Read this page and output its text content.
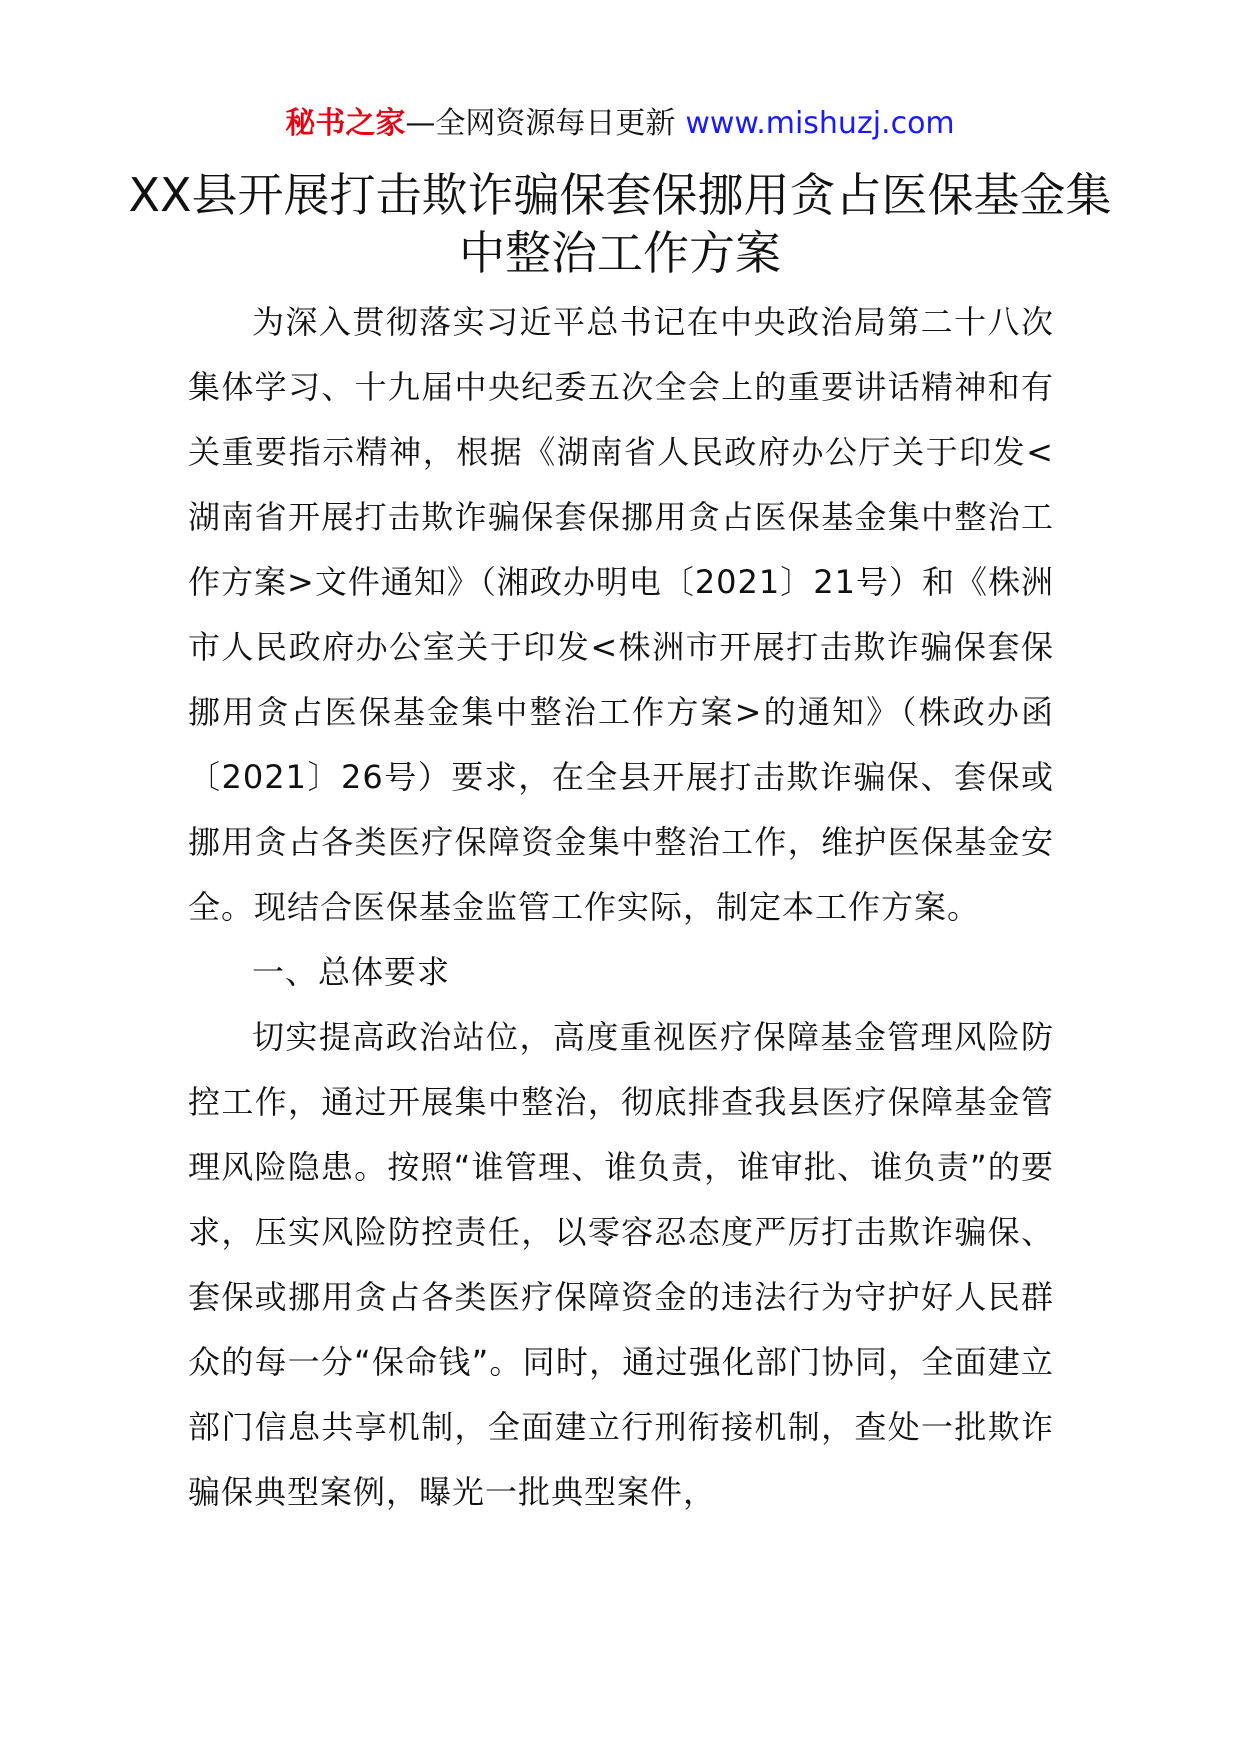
秘书之家—全网资源每日更新 www.mishuzj.com
XX县开展打击欺诈骗保套保挪用贪占医保基金集中整治工作方案

为深入贯彻落实习近平总书记在中央政治局第二十八次集体学习、十九届中央纪委五次全会上的重要讲话精神和有关重要指示精神，根据《湖南省人民政府办公厅关于印发<湖南省开展打击欺诈骗保套保挪用贪占医保基金集中整治工作方案>文件通知》（湘政办明电〔2021〕21号）和《株洲市人民政府办公室关于印发<株洲市开展打击欺诈骗保套保挪用贪占医保基金集中整治工作方案>的通知》（株政办函〔2021〕26号）要求，在全县开展打击欺诈骗保、套保或挪用贪占各类医疗保障资金集中整治工作，维护医保基金安全。现结合医保基金监管工作实际，制定本工作方案。

一、总体要求

切实提高政治站位，高度重视医疗保障基金管理风险防控工作，通过开展集中整治，彻底排查我县医疗保障基金管理风险隐患。按照“谁管理、谁负责，谁审批、谁负责”的要求，压实风险防控责任，以零容忍态度严厉打击欺诈骗保、套保或挪用贪占各类医疗保障资金的违法行为守护好人民群众的每一分“保命钱”。同时，通过强化部门协同，全面建立部门信息共享机制，全面建立行刑衔接机制，查处一批欺诈骗保典型案例，曝光一批典型案件，
